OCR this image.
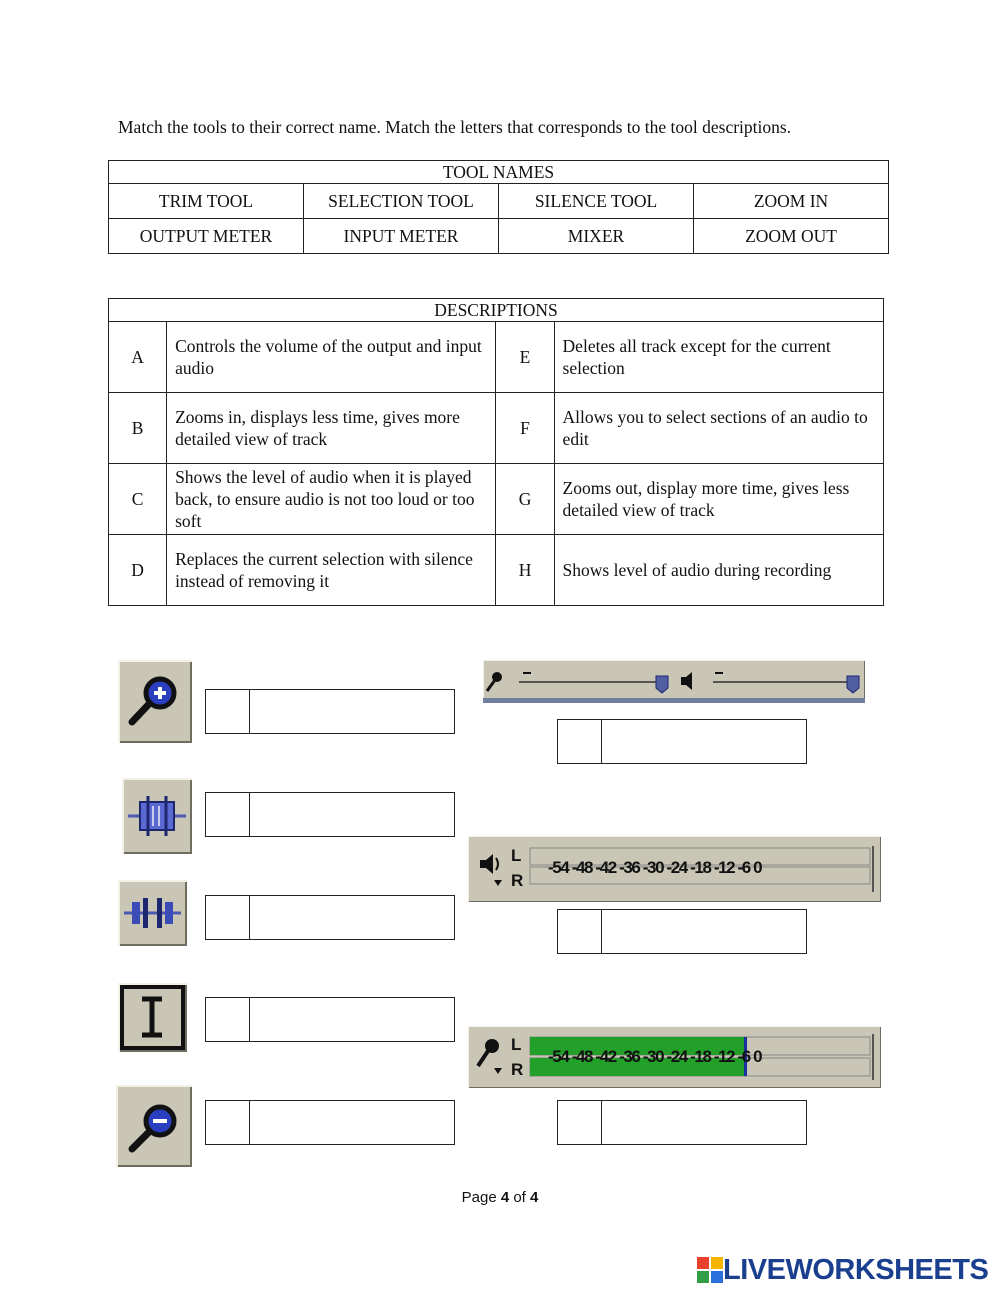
Match the tools to their correct name. Match the letters that corresponds to the tool descriptions.
TOOL NAMES			
TRIM TOOL	SELECTION TOOL	SILENCE TOOL	ZOOM IN
OUTPUT METER	INPUT METER	MIXER	ZOOM OUT
DESCRIPTIONS			
A	Controls the volume of the output and input audio	E	Deletes all track except for the current selection
B	Zooms in, displays less time, gives more detailed view of track	F	Allows you to select sections of an audio to edit
C	Shows the level of audio when it is played back, to ensure audio is not too loud or too soft	G	Zooms out, display more time, gives less detailed view of track
D	Replaces the current selection with silence instead of removing it	H	Shows level of audio during recording
L
R
-54 -48 -42 -36 -30 -24 -18 -12 -6 0
L
R
-54 -48 -42 -36 -30 -24 -18 -12 -6 0
Page 4 of 4
LIVEWORKSHEETS
